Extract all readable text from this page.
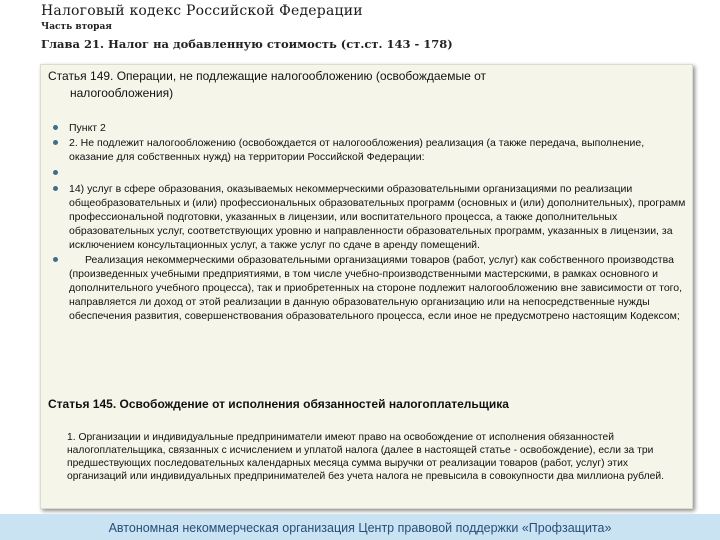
Налоговый кодекс Российской Федерации
Часть вторая
Глава 21. Налог на добавленную стоимость (ст.ст. 143 - 178)
Статья 149. Операции, не подлежащие налогообложению (освобождаемые от
налогообложения)
Пункт 2
2. Не подлежит налогообложению (освобождается от налогообложения) реализация (а также передача, выполнение, оказание для собственных нужд) на территории Российской Федерации:
14) услуг в сфере образования, оказываемых некоммерческими образовательными организациями по реализации общеобразовательных и (или) профессиональных образовательных программ (основных и (или) дополнительных), программ профессиональной подготовки, указанных в лицензии, или воспитательного процесса, а также дополнительных образовательных услуг, соответствующих уровню и направленности образовательных программ, указанных в лицензии, за исключением консультационных услуг, а также услуг по сдаче в аренду помещений.
Реализация некоммерческими образовательными организациями товаров (работ, услуг) как собственного производства (произведенных учебными предприятиями, в том числе учебно-производственными мастерскими, в рамках основного и дополнительного учебного процесса), так и приобретенных на стороне подлежит налогообложению вне зависимости от того, направляется ли доход от этой реализации в данную образовательную организацию или на непосредственные нужды обеспечения развития, совершенствования образовательного процесса, если иное не предусмотрено настоящим Кодексом;
Статья 145. Освобождение от исполнения обязанностей налогоплательщика
1. Организации и индивидуальные предприниматели имеют право на освобождение от исполнения обязанностей налогоплательщика, связанных с исчислением и уплатой налога (далее в настоящей статье - освобождение), если за три предшествующих последовательных календарных месяца сумма выручки от реализации товаров (работ, услуг) этих организаций или индивидуальных предпринимателей без учета налога не превысила в совокупности два миллиона рублей.
Автономная некоммерческая организация Центр правовой поддержки «Профзащита»
